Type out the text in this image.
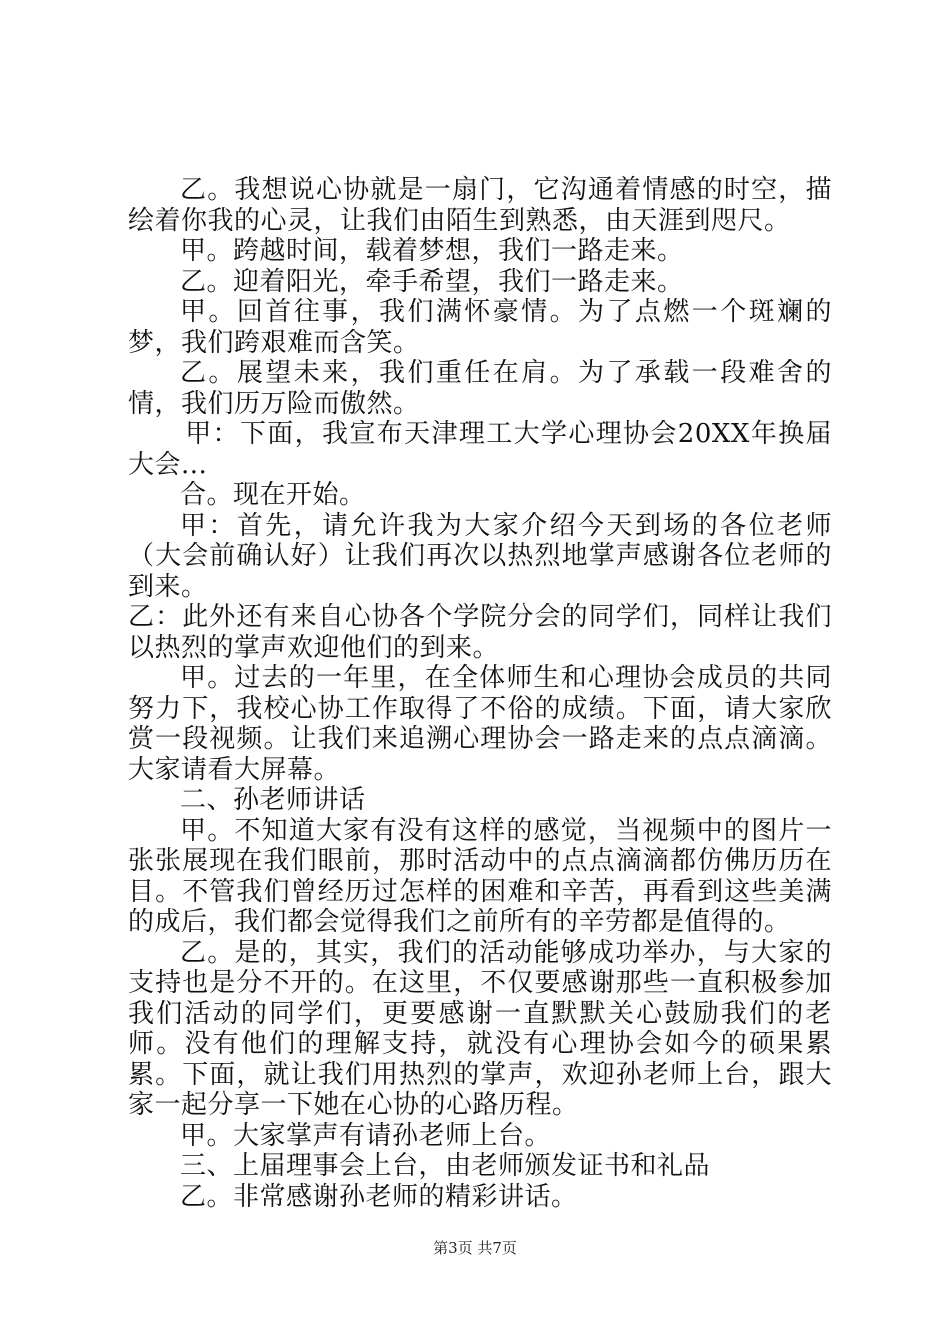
乙。我想说心协就是一扇门，它沟通着情感的时空，描绘着你我的心灵，让我们由陌生到熟悉，由天涯到咫尺。

甲。跨越时间，载着梦想，我们一路走来。

乙。迎着阳光，牵手希望，我们一路走来。

甲。回首往事，我们满怀豪情。为了点燃一个斑斓的梦，我们跨艰难而含笑。

乙。展望未来，我们重任在肩。为了承载一段难舍的情，我们历万险而傲然。

甲：下面，我宣布天津理工大学心理协会20XX年换届大会...

合。现在开始。

甲：首先，请允许我为大家介绍今天到场的各位老师（大会前确认好）让我们再次以热烈地掌声感谢各位老师的到来。

乙：此外还有来自心协各个学院分会的同学们，同样让我们以热烈的掌声欢迎他们的到来。

甲。过去的一年里，在全体师生和心理协会成员的共同努力下，我校心协工作取得了不俗的成绩。下面，请大家欣赏一段视频。让我们来追溯心理协会一路走来的点点滴滴。大家请看大屏幕。

二、孙老师讲话

甲。不知道大家有没有这样的感觉，当视频中的图片一张张展现在我们眼前，那时活动中的点点滴滴都仿佛历历在目。不管我们曾经历过怎样的困难和辛苦，再看到这些美满的成后，我们都会觉得我们之前所有的辛劳都是值得的。

乙。是的，其实，我们的活动能够成功举办，与大家的支持也是分不开的。在这里，不仅要感谢那些一直积极参加我们活动的同学们，更要感谢一直默默关心鼓励我们的老师。没有他们的理解支持，就没有心理协会如今的硕果累累。下面，就让我们用热烈的掌声，欢迎孙老师上台，跟大家一起分享一下她在心协的心路历程。

甲。大家掌声有请孙老师上台。

三、上届理事会上台，由老师颁发证书和礼品

乙。非常感谢孙老师的精彩讲话。

第3页 共7页
